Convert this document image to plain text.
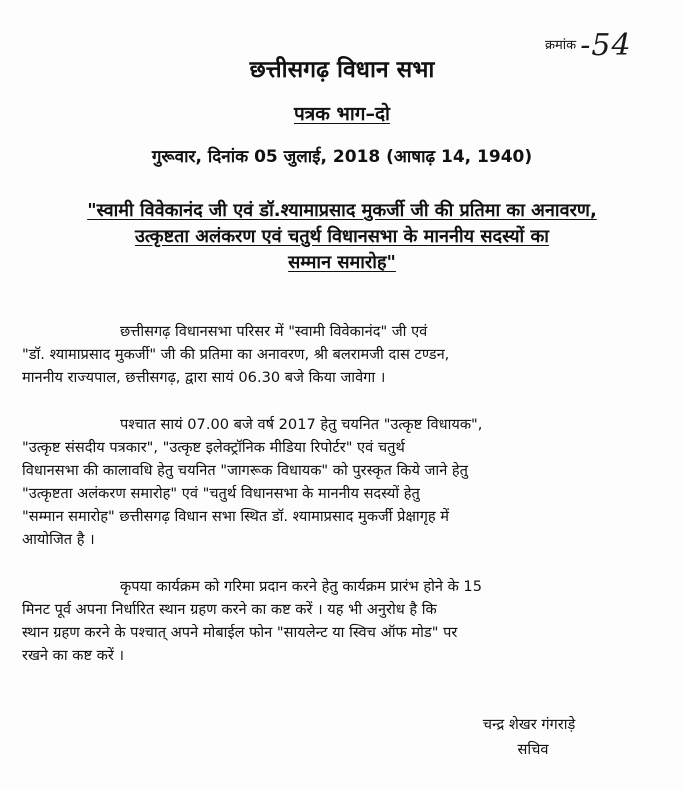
क्रमांक -54
छत्तीसगढ़ विधान सभा
पत्रक भाग–दो
गुरूवार, दिनांक 05 जुलाई, 2018 (आषाढ़ 14, 1940)
"स्वामी विवेकानंद जी एवं डॉ.श्यामाप्रसाद मुकर्जी जी की प्रतिमा का अनावरण,
उत्कृष्टता अलंकरण एवं चतुर्थ विधानसभा के माननीय सदस्यों का
सम्मान समारोह"
छत्तीसगढ़ विधानसभा परिसर में "स्वामी विवेकानंद" जी एवं
"डॉ. श्यामाप्रसाद मुकर्जी" जी की प्रतिमा का अनावरण, श्री बलरामजी दास टण्डन,
माननीय राज्यपाल, छत्तीसगढ़, द्वारा सायं 06.30 बजे किया जावेगा ।
पश्चात सायं 07.00 बजे वर्ष 2017 हेतु चयनित "उत्कृष्ट विधायक",
"उत्कृष्ट संसदीय पत्रकार", "उत्कृष्ट इलेक्ट्रॉनिक मीडिया रिपोर्टर" एवं चतुर्थ
विधानसभा की कालावधि हेतु चयनित "जागरूक विधायक" को पुरस्कृत किये जाने हेतु
"उत्कृष्टता अलंकरण समारोह" एवं "चतुर्थ विधानसभा के माननीय सदस्यों हेतु
"सम्मान समारोह" छत्तीसगढ़ विधान सभा स्थित डॉ. श्यामाप्रसाद मुकर्जी प्रेक्षागृह में
आयोजित है ।
कृपया कार्यक्रम को गरिमा प्रदान करने हेतु कार्यक्रम प्रारंभ होने के 15
मिनट पूर्व अपना निर्धारित स्थान ग्रहण करने का कष्ट करें । यह भी अनुरोध है कि
स्थान ग्रहण करने के पश्चात् अपने मोबाईल फोन "सायलेन्ट या स्विच ऑफ मोड" पर
रखने का कष्ट करें ।
चन्द्र शेखर गंगराड़े
सचिव
